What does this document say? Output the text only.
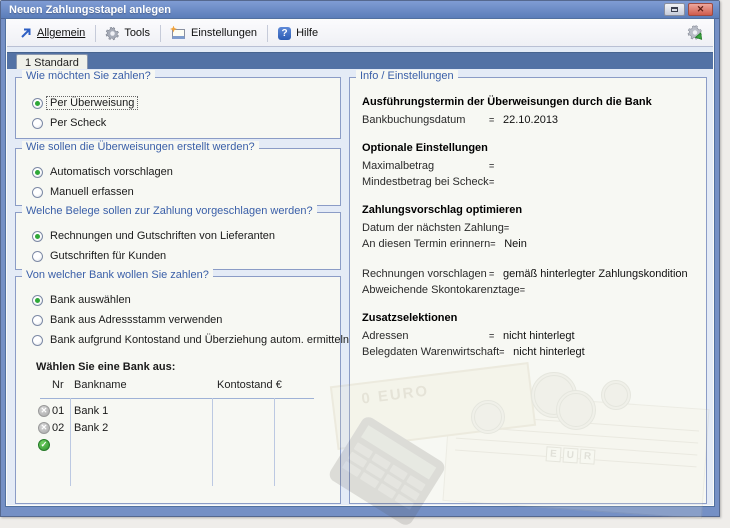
Neuen Zahlungsstapel anlegen
✕
Allgemein	Tools	Einstellungen ?	Hilfe
1 Standard
Wie möchten Sie zahlen?
Per Überweisung
Per Scheck
Wie sollen die Überweisungen erstellt werden?
Automatisch vorschlagen
Manuell erfassen
Welche Belege sollen zur Zahlung vorgeschlagen werden?
Rechnungen und Gutschriften von Lieferanten
Gutschriften für Kunden
Von welcher Bank wollen Sie zahlen?
Bank auswählen
Bank aus Adressstamm verwenden
Bank aufgrund Kontostand und Überziehung autom. ermitteln
Wählen Sie eine Bank aus:
Nr Bankname	Kontostand €
✕
01 Bank 1
✕
02 Bank 2
✓
Info / Einstellungen
Ausführungstermin der Überweisungen durch die Bank
Bankbuchungsdatum	= 22.10.2013
Optionale Einstellungen
Maximalbetrag	=
Mindestbetrag bei Scheck =
Zahlungsvorschlag optimieren
Datum der nächsten Zahlung =
An diesen Termin erinnern = Nein
Rechnungen vorschlagen = gemäß hinterlegter Zahlungskondition
Abweichende Skontokarenztage =
Zusatzselektionen
Adressen	= nicht hinterlegt
Belegdaten Warenwirtschaft = nicht hinterlegt
0 EURO
E U R
